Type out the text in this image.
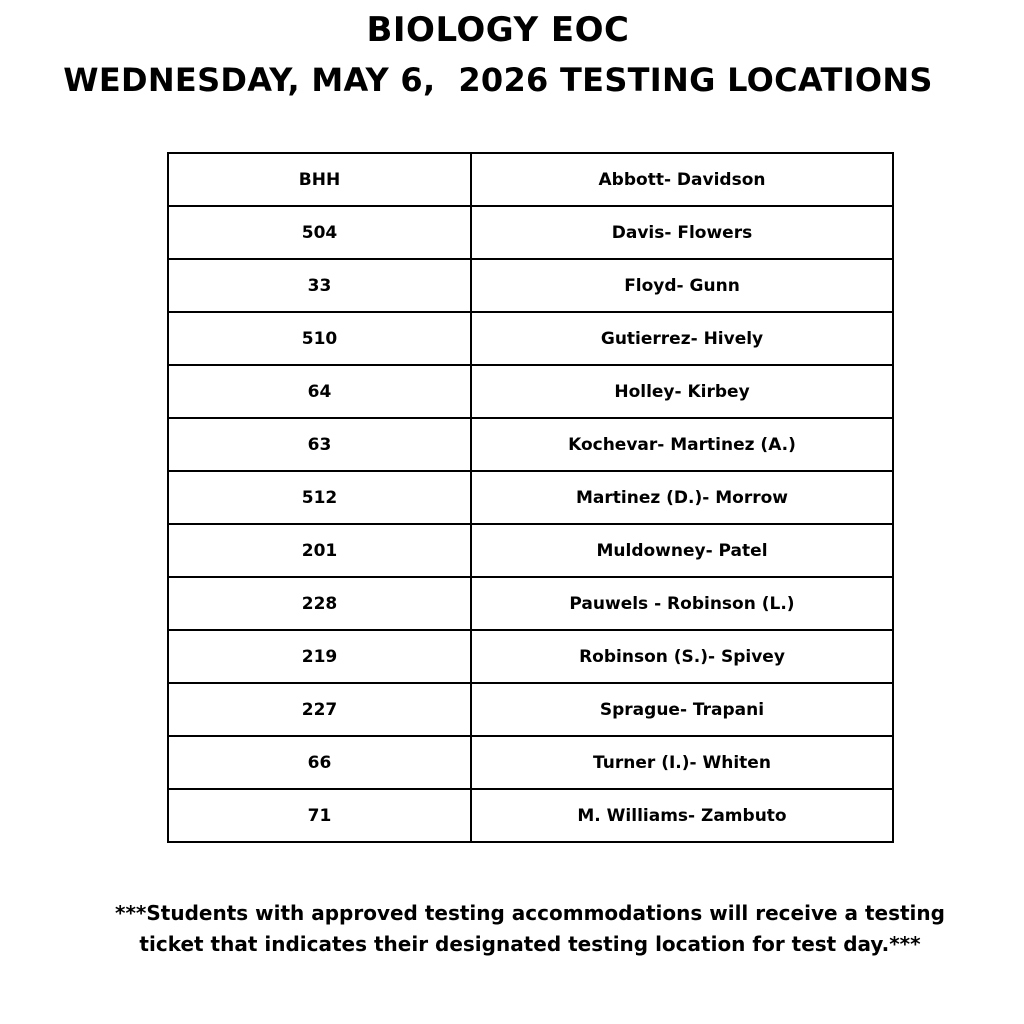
BIOLOGY EOC
WEDNESDAY, MAY 6,  2026 TESTING LOCATIONS
BHH	Abbott- Davidson
504	Davis- Flowers
33	Floyd- Gunn
510	Gutierrez- Hively
64	Holley- Kirbey
63	Kochevar- Martinez (A.)
512	Martinez (D.)- Morrow
201	Muldowney- Patel
228	Pauwels - Robinson (L.)
219	Robinson (S.)- Spivey
227	Sprague- Trapani
66	Turner (I.)- Whiten
71	M. Williams- Zambuto

***Students with approved testing accommodations will receive a testing
ticket that indicates their designated testing location for test day.***
